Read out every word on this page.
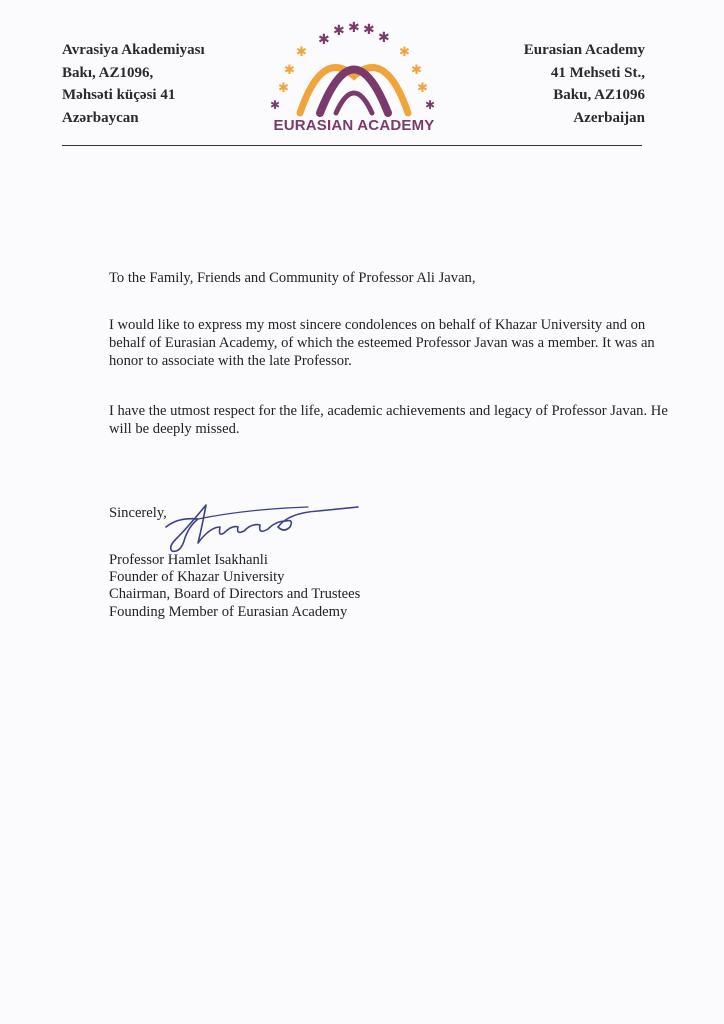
Avrasiya Akademiyası
Bakı, AZ1096,
Məhsəti küçəsi 41
Azərbaycan
✱
✱ ✱ ✱ ✱
✱	✱
✱	✱
✱	✱
✱	✱
EURASIAN ACADEMY
Eurasian Academy
41 Mehseti St.,
Baku, AZ1096
Azerbaijan
To the Family, Friends and Community of Professor Ali Javan,
I would like to express my most sincere condolences on behalf of Khazar University and on behalf of Eurasian Academy, of which the esteemed Professor Javan was a member. It was an honor to associate with the late Professor.
I have the utmost respect for the life, academic achievements and legacy of Professor Javan. He will be deeply missed.
Sincerely,
Professor Hamlet Isakhanli
Founder of Khazar University
Chairman, Board of Directors and Trustees
Founding Member of Eurasian Academy
